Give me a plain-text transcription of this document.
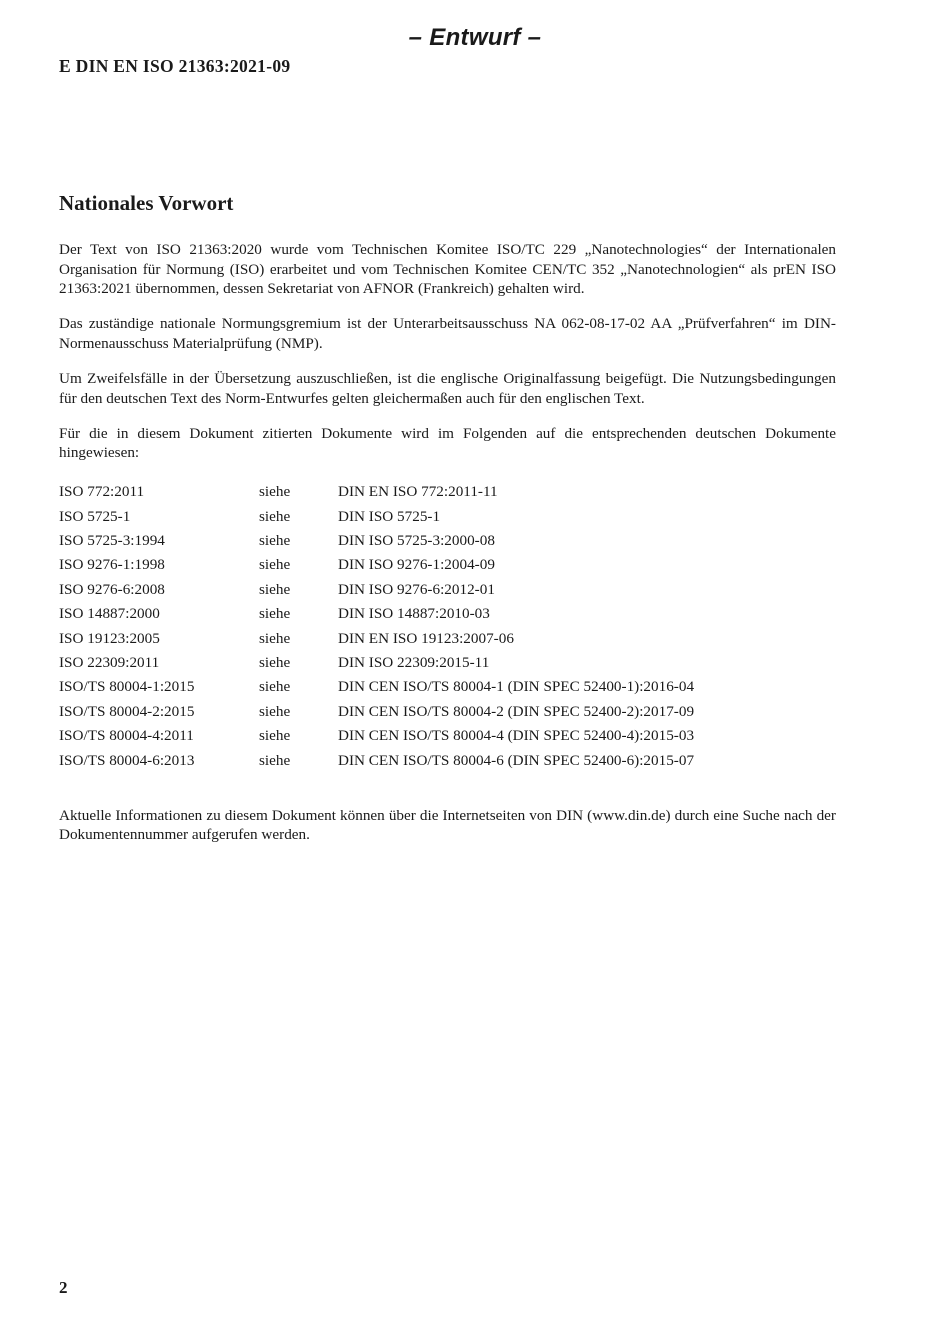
– Entwurf –
E DIN EN ISO 21363:2021-09
Nationales Vorwort

Der Text von ISO 21363:2020 wurde vom Technischen Komitee ISO/TC 229 „Nanotechnologies“ der Internationalen Organisation für Normung (ISO) erarbeitet und vom Technischen Komitee CEN/TC 352 „Nanotechnologien“ als prEN ISO 21363:2021 übernommen, dessen Sekretariat von AFNOR (Frankreich) gehalten wird.

Das zuständige nationale Normungsgremium ist der Unterarbeitsausschuss NA 062-08-17-02 AA „Prüfverfahren“ im DIN-Normenausschuss Materialprüfung (NMP).

Um Zweifelsfälle in der Übersetzung auszuschließen, ist die englische Originalfassung beigefügt. Die Nutzungsbedingungen für den deutschen Text des Norm-Entwurfes gelten gleichermaßen auch für den englischen Text.

Für die in diesem Dokument zitierten Dokumente wird im Folgenden auf die entsprechenden deutschen Dokumente hingewiesen:

ISO 772:2011	siehe	DIN EN ISO 772:2011-11
ISO 5725-1	siehe	DIN ISO 5725-1
ISO 5725-3:1994	siehe	DIN ISO 5725-3:2000-08
ISO 9276-1:1998	siehe	DIN ISO 9276-1:2004-09
ISO 9276-6:2008	siehe	DIN ISO 9276-6:2012-01
ISO 14887:2000	siehe	DIN ISO 14887:2010-03
ISO 19123:2005	siehe	DIN EN ISO 19123:2007-06
ISO 22309:2011	siehe	DIN ISO 22309:2015-11
ISO/TS 80004-1:2015	siehe	DIN CEN ISO/TS 80004-1 (DIN SPEC 52400-1):2016-04
ISO/TS 80004-2:2015	siehe	DIN CEN ISO/TS 80004-2 (DIN SPEC 52400-2):2017-09
ISO/TS 80004-4:2011	siehe	DIN CEN ISO/TS 80004-4 (DIN SPEC 52400-4):2015-03
ISO/TS 80004-6:2013	siehe	DIN CEN ISO/TS 80004-6 (DIN SPEC 52400-6):2015-07

Aktuelle Informationen zu diesem Dokument können über die Internetseiten von DIN (www.din.de) durch eine Suche nach der Dokumentennummer aufgerufen werden.

2
